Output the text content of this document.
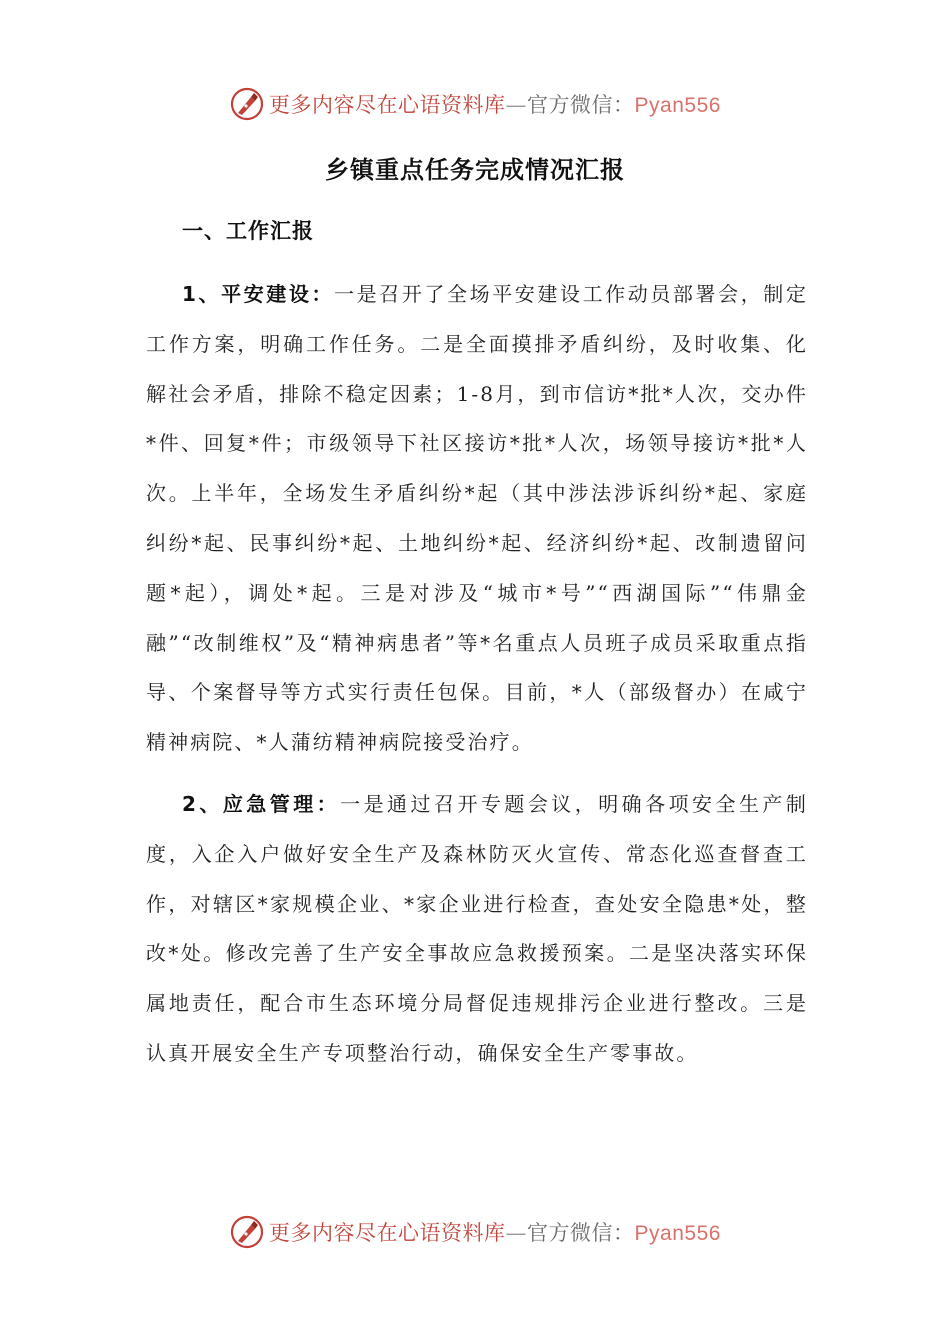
更多内容尽在心语资料库—官方微信：Pyan556
乡镇重点任务完成情况汇报
一、工作汇报
1、平安建设：一是召开了全场平安建设工作动员部署会，制定工作方案，明确工作任务。二是全面摸排矛盾纠纷，及时收集、化解社会矛盾，排除不稳定因素；1-8月，到市信访*批*人次，交办件*件、回复*件；市级领导下社区接访*批*人次，场领导接访*批*人次。上半年，全场发生矛盾纠纷*起（其中涉法涉诉纠纷*起、家庭纠纷*起、民事纠纷*起、土地纠纷*起、经济纠纷*起、改制遗留问题*起），调处*起。三是对涉及“城市*号”“西湖国际”“伟鼎金融”“改制维权”及“精神病患者”等*名重点人员班子成员采取重点指导、个案督导等方式实行责任包保。目前，*人（部级督办）在咸宁精神病院、*人蒲纺精神病院接受治疗。
2、应急管理：一是通过召开专题会议，明确各项安全生产制度，入企入户做好安全生产及森林防灭火宣传、常态化巡查督查工作，对辖区*家规模企业、*家企业进行检查，查处安全隐患*处，整改*处。修改完善了生产安全事故应急救援预案。二是坚决落实环保属地责任，配合市生态环境分局督促违规排污企业进行整改。三是认真开展安全生产专项整治行动，确保安全生产零事故。
更多内容尽在心语资料库—官方微信：Pyan556
